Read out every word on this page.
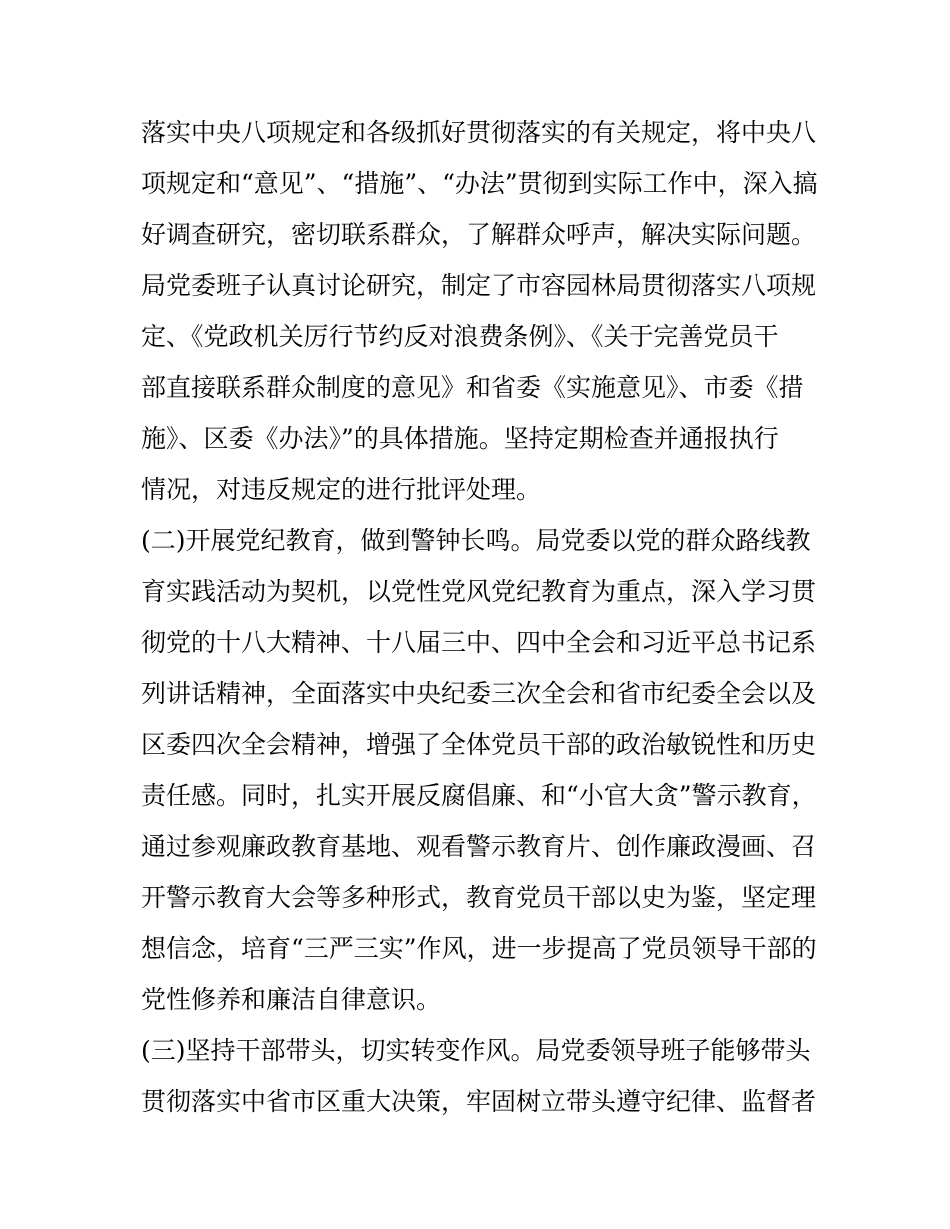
落实中央八项规定和各级抓好贯彻落实的有关规定，将中央八
项规定和“意见”、“措施”、“办法”贯彻到实际工作中，深入搞
好调查研究，密切联系群众，了解群众呼声，解决实际问题。
局党委班子认真讨论研究，制定了市容园林局贯彻落实八项规
定、《党政机关厉行节约反对浪费条例》、《关于完善党员干
部直接联系群众制度的意见》和省委《实施意见》、市委《措
施》、区委《办法》”的具体措施。坚持定期检查并通报执行
情况，对违反规定的进行批评处理。
(二)开展党纪教育，做到警钟长鸣。局党委以党的群众路线教
育实践活动为契机，以党性党风党纪教育为重点，深入学习贯
彻党的十八大精神、十八届三中、四中全会和习近平总书记系
列讲话精神，全面落实中央纪委三次全会和省市纪委全会以及
区委四次全会精神，增强了全体党员干部的政治敏锐性和历史
责任感。同时，扎实开展反腐倡廉、和“小官大贪”警示教育，
通过参观廉政教育基地、观看警示教育片、创作廉政漫画、召
开警示教育大会等多种形式，教育党员干部以史为鉴，坚定理
想信念，培育“三严三实”作风，进一步提高了党员领导干部的
党性修养和廉洁自律意识。
(三)坚持干部带头，切实转变作风。局党委领导班子能够带头
贯彻落实中省市区重大决策，牢固树立带头遵守纪律、监督者
